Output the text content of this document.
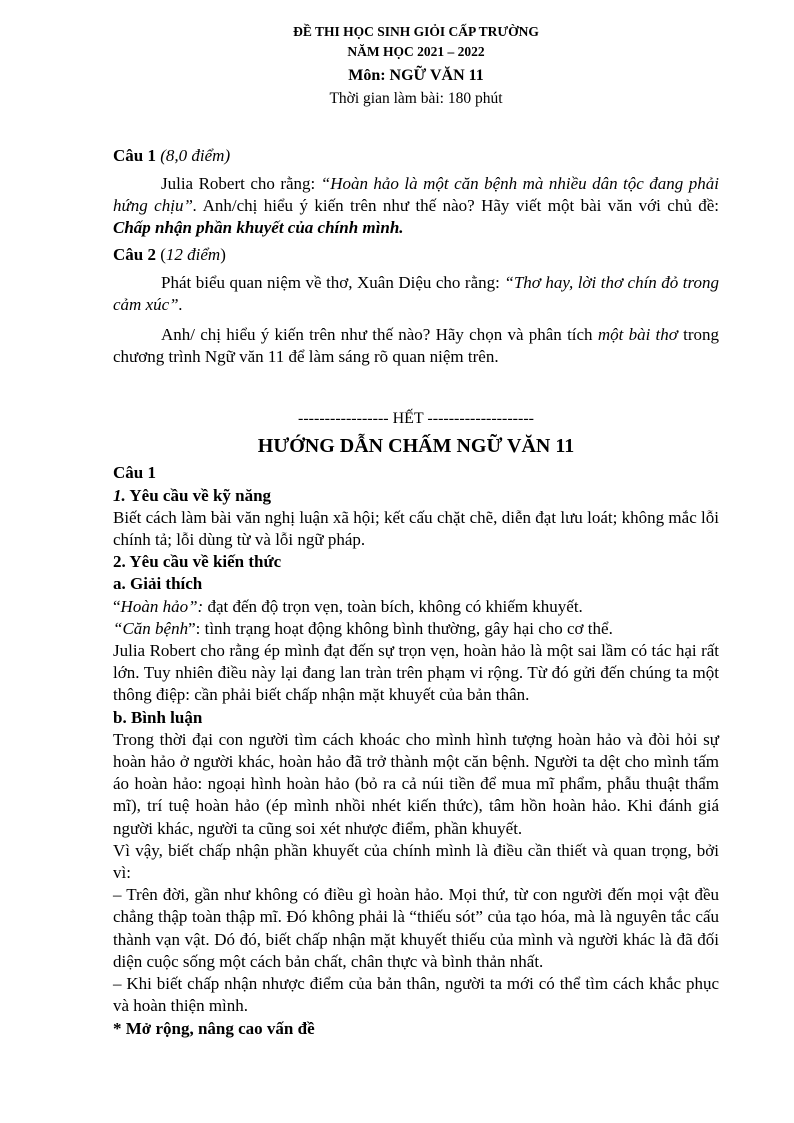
ĐỀ THI HỌC SINH GIỎI CẤP TRƯỜNG
NĂM HỌC 2021 – 2022
Môn: NGỮ VĂN 11
Thời gian làm bài: 180 phút
Câu 1 (8,0 điểm)

Julia Robert cho rằng: “Hoàn hảo là một căn bệnh mà nhiều dân tộc đang phải hứng chịu”. Anh/chị hiểu ý kiến trên như thế nào? Hãy viết một bài văn với chủ đề: Chấp nhận phần khuyết của chính mình.

Câu 2 (12 điểm)

Phát biểu quan niệm về thơ, Xuân Diệu cho rằng: “Thơ hay, lời thơ chín đỏ trong cảm xúc”.

Anh/ chị hiểu ý kiến trên như thế nào? Hãy chọn và phân tích một bài thơ trong chương trình Ngữ văn 11 để làm sáng rõ quan niệm trên.

----------------- HẾT --------------------
HƯỚNG DẪN CHẤM NGỮ VĂN 11

Câu 1

1. Yêu cầu về kỹ năng

Biết cách làm bài văn nghị luận xã hội; kết cấu chặt chẽ, diễn đạt lưu loát; không mắc lỗi chính tả; lỗi dùng từ và lỗi ngữ pháp.

2. Yêu cầu về kiến thức

a. Giải thích

“Hoàn hảo”: đạt đến độ trọn vẹn, toàn bích, không có khiếm khuyết.

“Căn bệnh”: tình trạng hoạt động không bình thường, gây hại cho cơ thể.

Julia Robert cho rằng ép mình đạt đến sự trọn vẹn, hoàn hảo là một sai lầm có tác hại rất lớn. Tuy nhiên điều này lại đang lan tràn trên phạm vi rộng. Từ đó gửi đến chúng ta một thông điệp: cần phải biết chấp nhận mặt khuyết của bản thân.

b. Bình luận

Trong thời đại con người tìm cách khoác cho mình hình tượng hoàn hảo và đòi hỏi sự hoàn hảo ở người khác, hoàn hảo đã trở thành một căn bệnh. Người ta dệt cho mình tấm áo hoàn hảo: ngoại hình hoàn hảo (bỏ ra cả núi tiền để mua mĩ phẩm, phẫu thuật thẩm mĩ), trí tuệ hoàn hảo (ép mình nhồi nhét kiến thức), tâm hồn hoàn hảo. Khi đánh giá người khác, người ta cũng soi xét nhược điểm, phần khuyết.

Vì vậy, biết chấp nhận phần khuyết của chính mình là điều cần thiết và quan trọng, bởi vì:

– Trên đời, gần như không có điều gì hoàn hảo. Mọi thứ, từ con người đến mọi vật đều chẳng thập toàn thập mĩ. Đó không phải là “thiếu sót” của tạo hóa, mà là nguyên tắc cấu thành vạn vật. Dó đó, biết chấp nhận mặt khuyết thiếu của mình và người khác là đã đối diện cuộc sống một cách bản chất, chân thực và bình thản nhất.

– Khi biết chấp nhận nhược điểm của bản thân, người ta mới có thể tìm cách khắc phục và hoàn thiện mình.

* Mở rộng, nâng cao vấn đề
